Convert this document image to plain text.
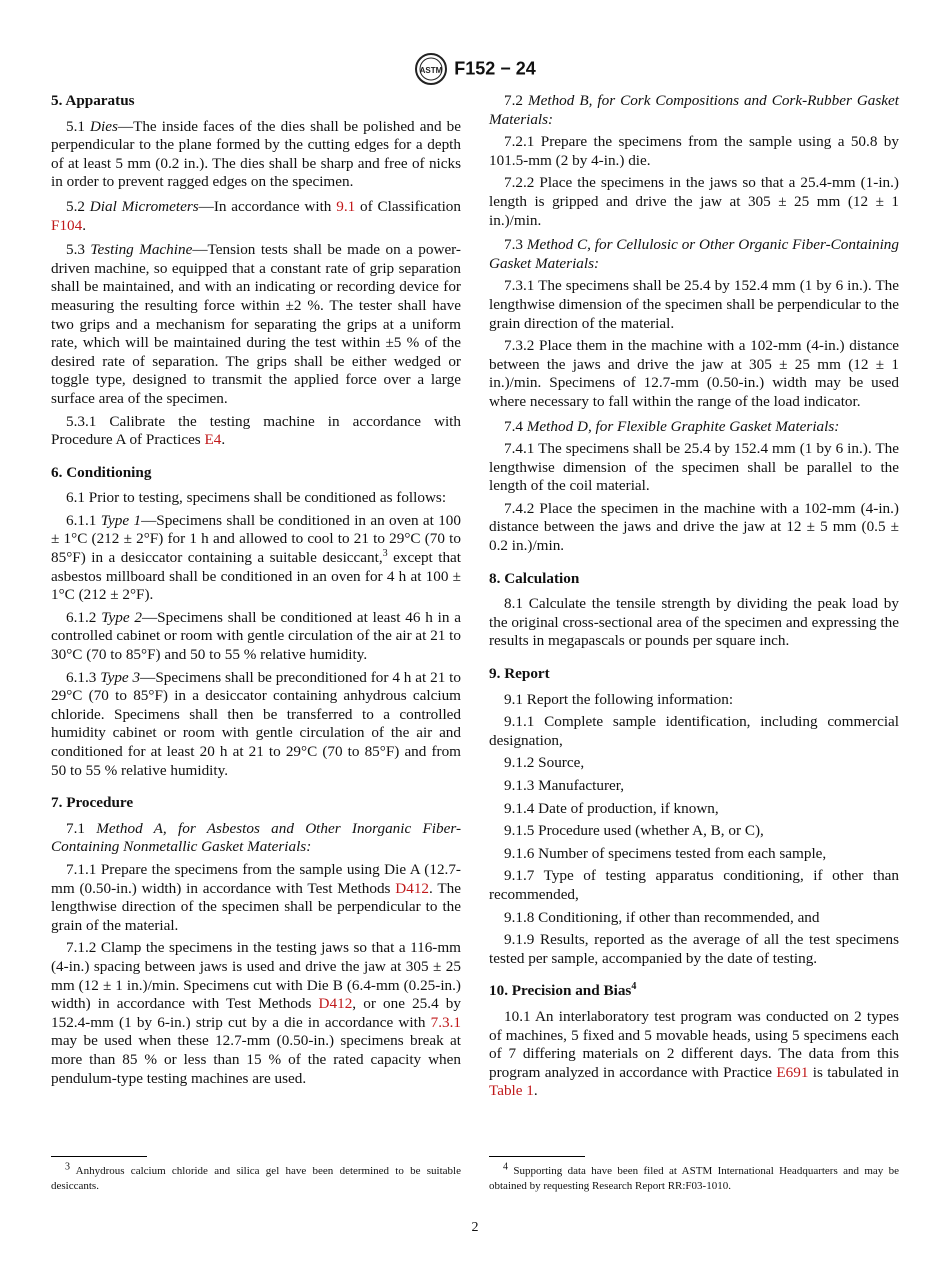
ASTM F152 − 24
5. Apparatus

5.1 Dies—The inside faces of the dies shall be polished and be perpendicular to the plane formed by the cutting edges for a depth of at least 5 mm (0.2 in.). The dies shall be sharp and free of nicks in order to prevent ragged edges on the specimen.

5.2 Dial Micrometers—In accordance with 9.1 of Classification F104.

5.3 Testing Machine—Tension tests shall be made on a power-driven machine, so equipped that a constant rate of grip separation shall be maintained, and with an indicating or recording device for measuring the resulting force within ±2 %. The tester shall have two grips and a mechanism for separating the grips at a uniform rate, which will be maintained during the test within ±5 % of the desired rate of separation. The grips shall be either wedged or toggle type, designed to transmit the applied force over a large surface area of the specimen.

5.3.1 Calibrate the testing machine in accordance with Procedure A of Practices E4.

6. Conditioning

6.1 Prior to testing, specimens shall be conditioned as follows:

6.1.1 Type 1—Specimens shall be conditioned in an oven at 100 ± 1°C (212 ± 2°F) for 1 h and allowed to cool to 21 to 29°C (70 to 85°F) in a desiccator containing a suitable desiccant,$^3$ except that asbestos millboard shall be conditioned in an oven for 4 h at 100 ± 1°C (212 ± 2°F).

6.1.2 Type 2—Specimens shall be conditioned at least 46 h in a controlled cabinet or room with gentle circulation of the air at 21 to 30°C (70 to 85°F) and 50 to 55 % relative humidity.

6.1.3 Type 3—Specimens shall be preconditioned for 4 h at 21 to 29°C (70 to 85°F) in a desiccator containing anhydrous calcium chloride. Specimens shall then be transferred to a controlled humidity cabinet or room with gentle circulation of the air and conditioned for at least 20 h at 21 to 29°C (70 to 85°F) and from 50 to 55 % relative humidity.

7. Procedure

7.1 Method A, for Asbestos and Other Inorganic Fiber-Containing Nonmetallic Gasket Materials:

7.1.1 Prepare the specimens from the sample using Die A (12.7-mm (0.50-in.) width) in accordance with Test Methods D412. The lengthwise direction of the specimen shall be perpendicular to the grain of the material.

7.1.2 Clamp the specimens in the testing jaws so that a 116-mm (4-in.) spacing between jaws is used and drive the jaw at 305 ± 25 mm (12 ± 1 in.)/min. Specimens cut with Die B (6.4-mm (0.25-in.) width) in accordance with Test Methods D412, or one 25.4 by 152.4-mm (1 by 6-in.) strip cut by a die in accordance with 7.3.1 may be used when these 12.7-mm (0.50-in.) specimens break at more than 85 % or less than 15 % of the rated capacity when pendulum-type testing machines are used.

7.2 Method B, for Cork Compositions and Cork-Rubber Gasket Materials:

7.2.1 Prepare the specimens from the sample using a 50.8 by 101.5-mm (2 by 4-in.) die.

7.2.2 Place the specimens in the jaws so that a 25.4-mm (1-in.) length is gripped and drive the jaw at 305 ± 25 mm (12 ± 1 in.)/min.

7.3 Method C, for Cellulosic or Other Organic Fiber-Containing Gasket Materials:

7.3.1 The specimens shall be 25.4 by 152.4 mm (1 by 6 in.). The lengthwise dimension of the specimen shall be perpendicular to the grain direction of the material.

7.3.2 Place them in the machine with a 102-mm (4-in.) distance between the jaws and drive the jaw at 305 ± 25 mm (12 ± 1 in.)/min. Specimens of 12.7-mm (0.50-in.) width may be used where necessary to fall within the range of the load indicator.

7.4 Method D, for Flexible Graphite Gasket Materials:

7.4.1 The specimens shall be 25.4 by 152.4 mm (1 by 6 in.). The lengthwise dimension of the specimen shall be parallel to the length of the coil material.

7.4.2 Place the specimen in the machine with a 102-mm (4-in.) distance between the jaws and drive the jaw at 12 ± 5 mm (0.5 ± 0.2 in.)/min.

8. Calculation

8.1 Calculate the tensile strength by dividing the peak load by the original cross-sectional area of the specimen and expressing the results in megapascals or pounds per square inch.

9. Report

9.1 Report the following information:

9.1.1 Complete sample identification, including commercial designation,

9.1.2 Source,

9.1.3 Manufacturer,

9.1.4 Date of production, if known,

9.1.5 Procedure used (whether A, B, or C),

9.1.6 Number of specimens tested from each sample,

9.1.7 Type of testing apparatus conditioning, if other than recommended,

9.1.8 Conditioning, if other than recommended, and

9.1.9 Results, reported as the average of all the test specimens tested per sample, accompanied by the date of testing.

10. Precision and Bias$^4$

10.1 An interlaboratory test program was conducted on 2 types of machines, 5 fixed and 5 movable heads, using 5 specimens each of 7 differing materials on 2 different days. The data from this program analyzed in accordance with Practice E691 is tabulated in Table 1.

$^3$ Anhydrous calcium chloride and silica gel have been determined to be suitable desiccants.
$^4$ Supporting data have been filed at ASTM International Headquarters and may be obtained by requesting Research Report RR:F03-1010.
2
